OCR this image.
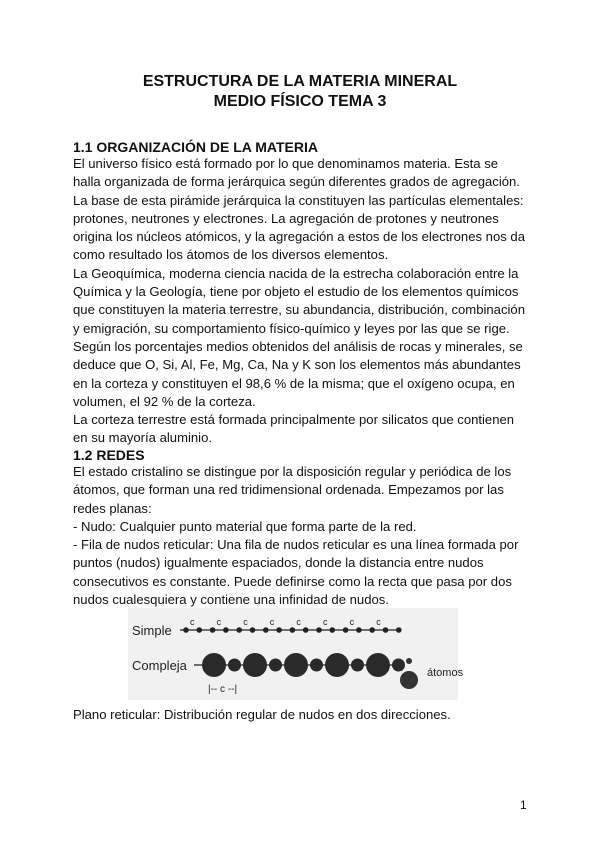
ESTRUCTURA DE LA MATERIA MINERAL
MEDIO FÍSICO TEMA 3
1.1 ORGANIZACIÓN DE LA MATERIA
El universo físico está formado por lo que denominamos materia. Esta se
halla organizada de forma jerárquica según diferentes grados de agregación.
La base de esta pirámide jerárquica la constituyen las partículas elementales:
protones, neutrones y electrones. La agregación de protones y neutrones
origina los núcleos atómicos, y la agregación a estos de los electrones nos da
como resultado los átomos de los diversos elementos.
La Geoquímica, moderna ciencia nacida de la estrecha colaboración entre la
Química y la Geología, tiene por objeto el estudio de los elementos químicos
que constituyen la materia terrestre, su abundancia, distribución, combinación
y emigración, su comportamiento físico-químico y leyes por las que se rige.
Según los porcentajes medios obtenidos del análisis de rocas y minerales, se
deduce que O, Si, Al, Fe, Mg, Ca, Na y K son los elementos más abundantes
en la corteza y constituyen el 98,6 % de la misma; que el oxígeno ocupa, en
volumen, el 92 % de la corteza.
La corteza terrestre está formada principalmente por silicatos que contienen
en su mayoría aluminio.
1.2 REDES
El estado cristalino se distingue por la disposición regular y periódica de los
átomos, que forman una red tridimensional ordenada. Empezamos por las
redes planas:
- Nudo: Cualquier punto material que forma parte de la red.
- Fila de nudos reticular: Una fila de nudos reticular es una línea formada por
puntos (nudos) igualmente espaciados, donde la distancia entre nudos
consecutivos es constante. Puede definirse como la recta que pasa por dos
nudos cualesquiera y contiene una infinidad de nudos.
Simple
c c c c c c c c
Compleja
|-- c --|
átomos
Plano reticular: Distribución regular de nudos en dos direcciones.
1
